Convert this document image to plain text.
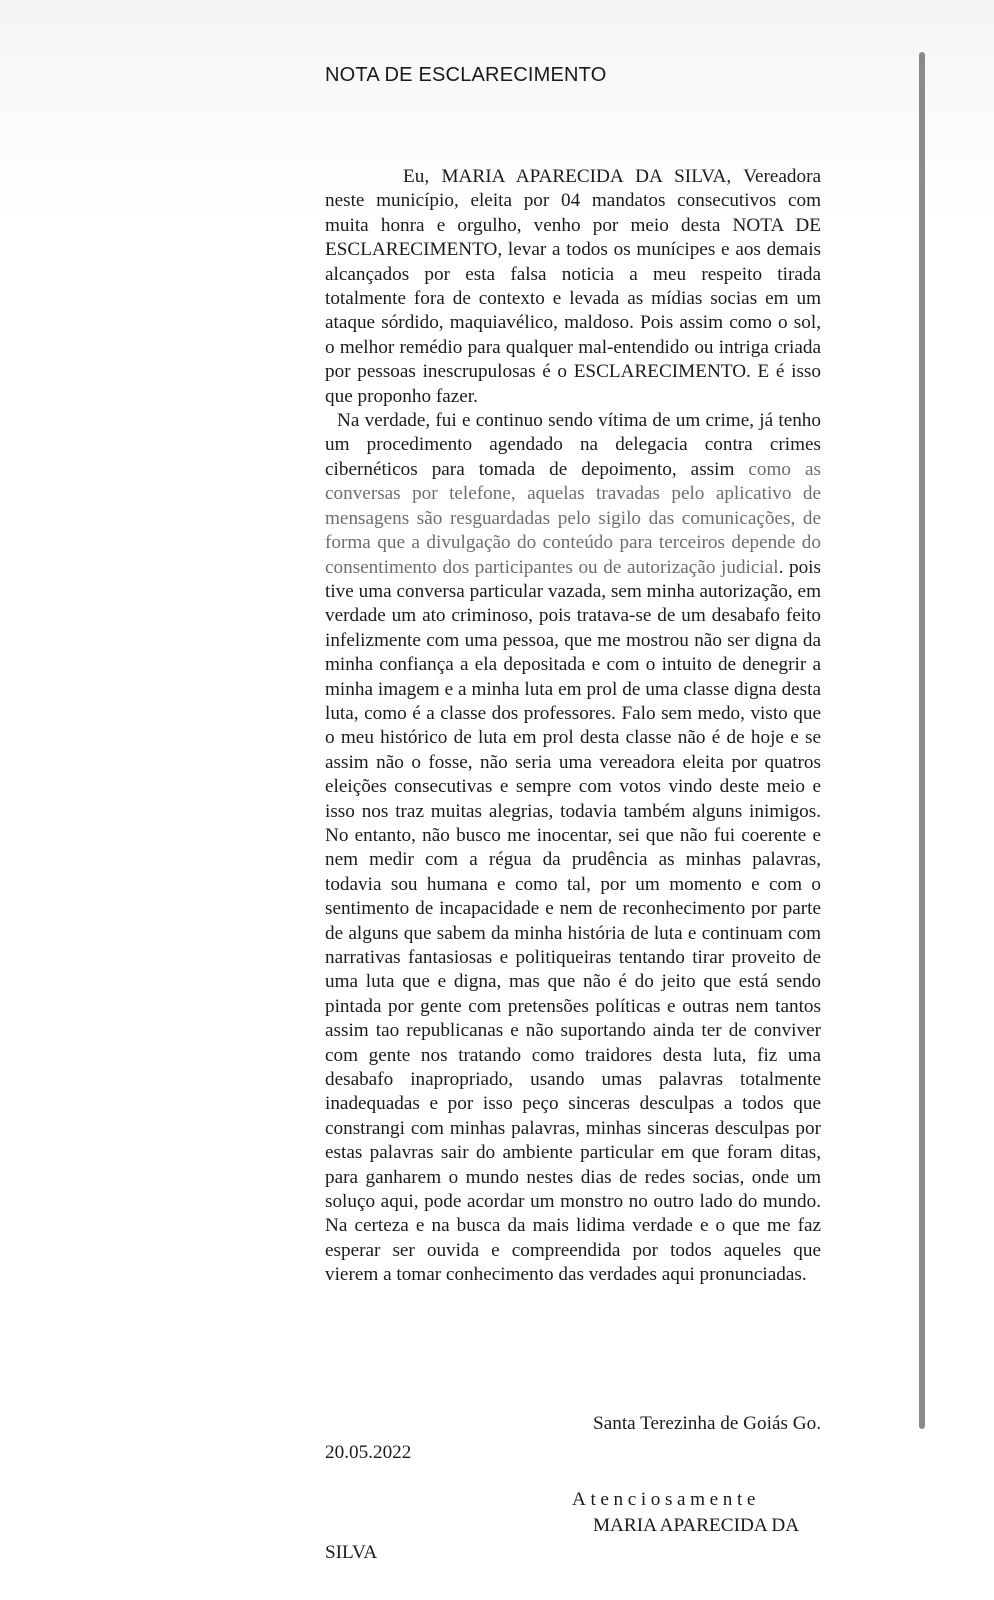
NOTA DE ESCLARECIMENTO

Eu, MARIA APARECIDA DA SILVA, Vereadora neste município, eleita por 04 mandatos consecutivos com muita honra e orgulho, venho por meio desta NOTA DE ESCLARECIMENTO, levar a todos os munícipes e aos demais alcançados por esta falsa noticia a meu respeito tirada totalmente fora de contexto e levada as mídias socias em um ataque sórdido, maquiavélico, maldoso. Pois assim como o sol, o melhor remédio para qualquer mal-entendido ou intriga criada por pessoas inescrupulosas é o ESCLARECIMENTO. E é isso que proponho fazer.

Na verdade, fui e continuo sendo vítima de um crime, já tenho um procedimento agendado na delegacia contra crimes cibernéticos para tomada de depoimento, assim como as conversas por telefone, aquelas travadas pelo aplicativo de mensagens são resguardadas pelo sigilo das comunicações, de forma que a divulgação do conteúdo para terceiros depende do consentimento dos participantes ou de autorização judicial. pois tive uma conversa particular vazada, sem minha autorização, em verdade um ato criminoso, pois tratava-se de um desabafo feito infelizmente com uma pessoa, que me mostrou não ser digna da minha confiança a ela depositada e com o intuito de denegrir a minha imagem e a minha luta em prol de uma classe digna desta luta, como é a classe dos professores. Falo sem medo, visto que o meu histórico de luta em prol desta classe não é de hoje e se assim não o fosse, não seria uma vereadora eleita por quatros eleições consecutivas e sempre com votos vindo deste meio e isso nos traz muitas alegrias, todavia também alguns inimigos. No entanto, não busco me inocentar, sei que não fui coerente e nem medir com a régua da prudência as minhas palavras, todavia sou humana e como tal, por um momento e com o sentimento de incapacidade e nem de reconhecimento por parte de alguns que sabem da minha história de luta e continuam com narrativas fantasiosas e politiqueiras tentando tirar proveito de uma luta que e digna, mas que não é do jeito que está sendo pintada por gente com pretensões políticas e outras nem tantos assim tao republicanas e não suportando ainda ter de conviver com gente nos tratando como traidores desta luta, fiz uma desabafo inapropriado, usando umas palavras totalmente inadequadas e por isso peço sinceras desculpas a todos que constrangi com minhas palavras, minhas sinceras desculpas por estas palavras sair do ambiente particular em que foram ditas, para ganharem o mundo nestes dias de redes socias, onde um soluço aqui, pode acordar um monstro no outro lado do mundo. Na certeza e na busca da mais lidima verdade e o que me faz esperar ser ouvida e compreendida por todos aqueles que vierem a tomar conhecimento das verdades aqui pronunciadas.

Santa Terezinha de Goiás Go.
20.05.2022
Atenciosamente
MARIA APARECIDA DA
SILVA
